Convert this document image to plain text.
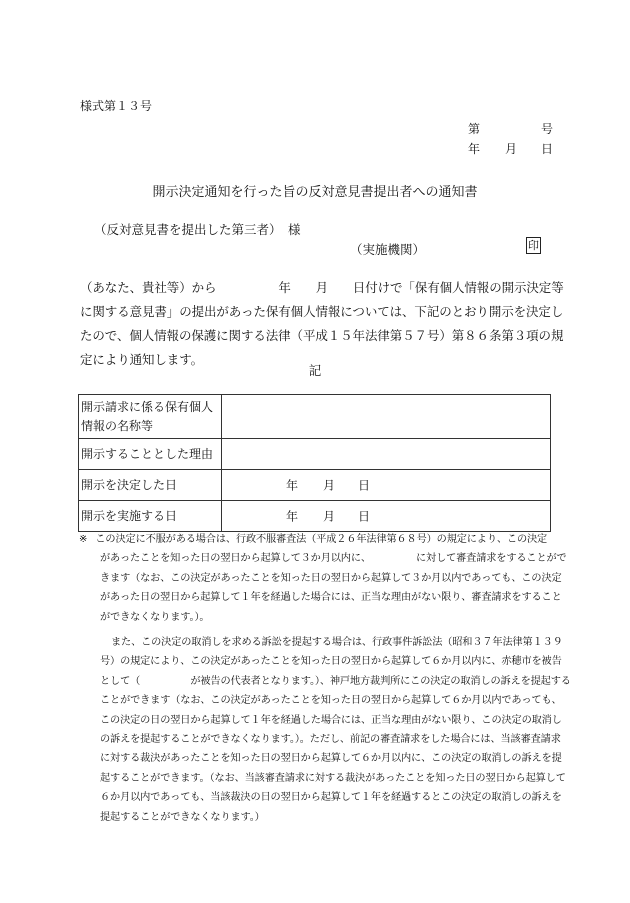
様式第１３号
第	号
年 月 日
開示決定通知を行った旨の反対意見書提出者への通知書
（反対意見書を提出した第三者） 様
（実施機関）	印
（あなた、貴社等）から　　　　　年　　月　　日付けで「保有個人情報の開示決定等
に関する意見書」の提出があった保有個人情報については、下記のとおり開示を決定し
たので、個人情報の保護に関する法律（平成１５年法律第５７号）第８６条第３項の規
定により通知します。
記
開示請求に係る保有個人
情報の名称等	

開示することとした理由	
開示を決定した日	年 月 日

開示を実施する日	年 月 日
※ この決定に不服がある場合は、行政不服審査法（平成２６年法律第６８号）の規定により、この決定
があったことを知った日の翌日から起算して３か月以内に、　　　　　に対して審査請求をすることがで
きます（なお、この決定があったことを知った日の翌日から起算して３か月以内であっても、この決定
があった日の翌日から起算して１年を経過した場合には、正当な理由がない限り、審査請求をすること
ができなくなります。）。
また、この決定の取消しを求める訴訟を提起する場合は、行政事件訴訟法（昭和３７年法律第１３９
号）の規定により、この決定があったことを知った日の翌日から起算して６か月以内に、赤穂市を被告
として（　　　　　が被告の代表者となります。）、神戸地方裁判所にこの決定の取消しの訴えを提起する
ことができます（なお、この決定があったことを知った日の翌日から起算して６か月以内であっても、
この決定の日の翌日から起算して１年を経過した場合には、正当な理由がない限り、この決定の取消し
の訴えを提起することができなくなります。）。ただし、前記の審査請求をした場合には、当該審査請求
に対する裁決があったことを知った日の翌日から起算して６か月以内に、この決定の取消しの訴えを提
起することができます。（なお、当該審査請求に対する裁決があったことを知った日の翌日から起算して
６か月以内であっても、当該裁決の日の翌日から起算して１年を経過するとこの決定の取消しの訴えを
提起することができなくなります。）
